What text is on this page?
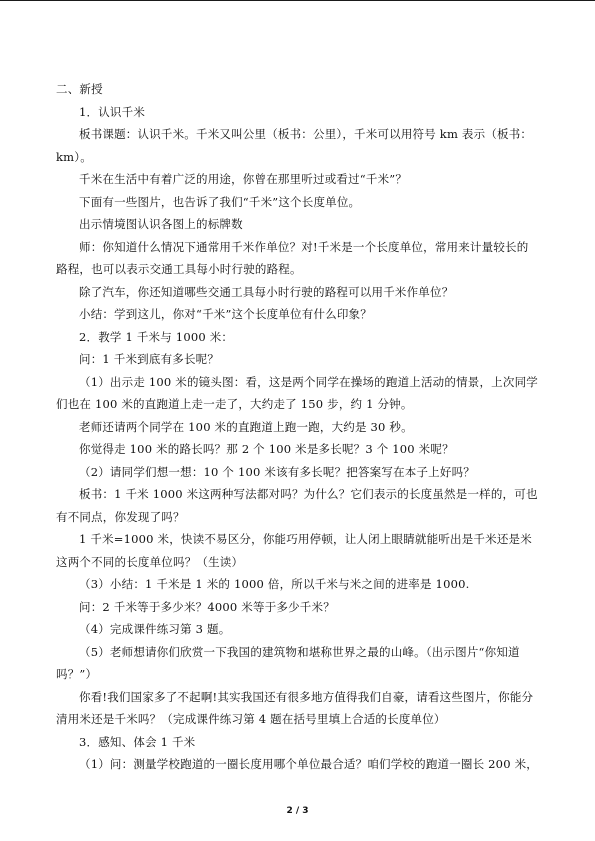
二、新授

1．认识千米

板书课题：认识千米。千米又叫公里（板书：公里），千米可以用符号 km 表示（板书：km）。

千米在生活中有着广泛的用途，你曾在那里听过或看过“千米”？

下面有一些图片，也告诉了我们“千米”这个长度单位。

出示情境图认识各图上的标牌数

师：你知道什么情况下通常用千米作单位？对!千米是一个长度单位，常用来计量较长的路程，也可以表示交通工具每小时行驶的路程。

除了汽车，你还知道哪些交通工具每小时行驶的路程可以用千米作单位？

小结：学到这儿，你对“千米”这个长度单位有什么印象？

2．教学 1 千米与 1000 米：

问：1 千米到底有多长呢？

（1）出示走 100 米的镜头图：看，这是两个同学在操场的跑道上活动的情景，上次同学们也在 100 米的直跑道上走一走了，大约走了 150 步，约 1 分钟。

老师还请两个同学在 100 米的直跑道上跑一跑，大约是 30 秒。

你觉得走 100 米的路长吗？那 2 个 100 米是多长呢？3 个 100 米呢？

（2）请同学们想一想：10 个 100 米该有多长呢？把答案写在本子上好吗？

板书：1 千米 1000 米这两种写法都对吗？为什么？它们表示的长度虽然是一样的，可也有不同点，你发现了吗？

1 千米=1000 米，快读不易区分，你能巧用停顿，让人闭上眼睛就能听出是千米还是米这两个不同的长度单位吗？（生读）

（3）小结：1 千米是 1 米的 1000 倍，所以千米与米之间的进率是 1000.

问：2 千米等于多少米？4000 米等于多少千米？

（4）完成课件练习第 3 题。

（5）老师想请你们欣赏一下我国的建筑物和堪称世界之最的山峰。（出示图片“你知道吗？”）

你看!我们国家多了不起啊!其实我国还有很多地方值得我们自豪，请看这些图片，你能分清用米还是千米吗？（完成课件练习第 4 题在括号里填上合适的长度单位）

3．感知、体会 1 千米

（1）问：测量学校跑道的一圈长度用哪个单位最合适？咱们学校的跑道一圈长 200 米，

2 / 3
